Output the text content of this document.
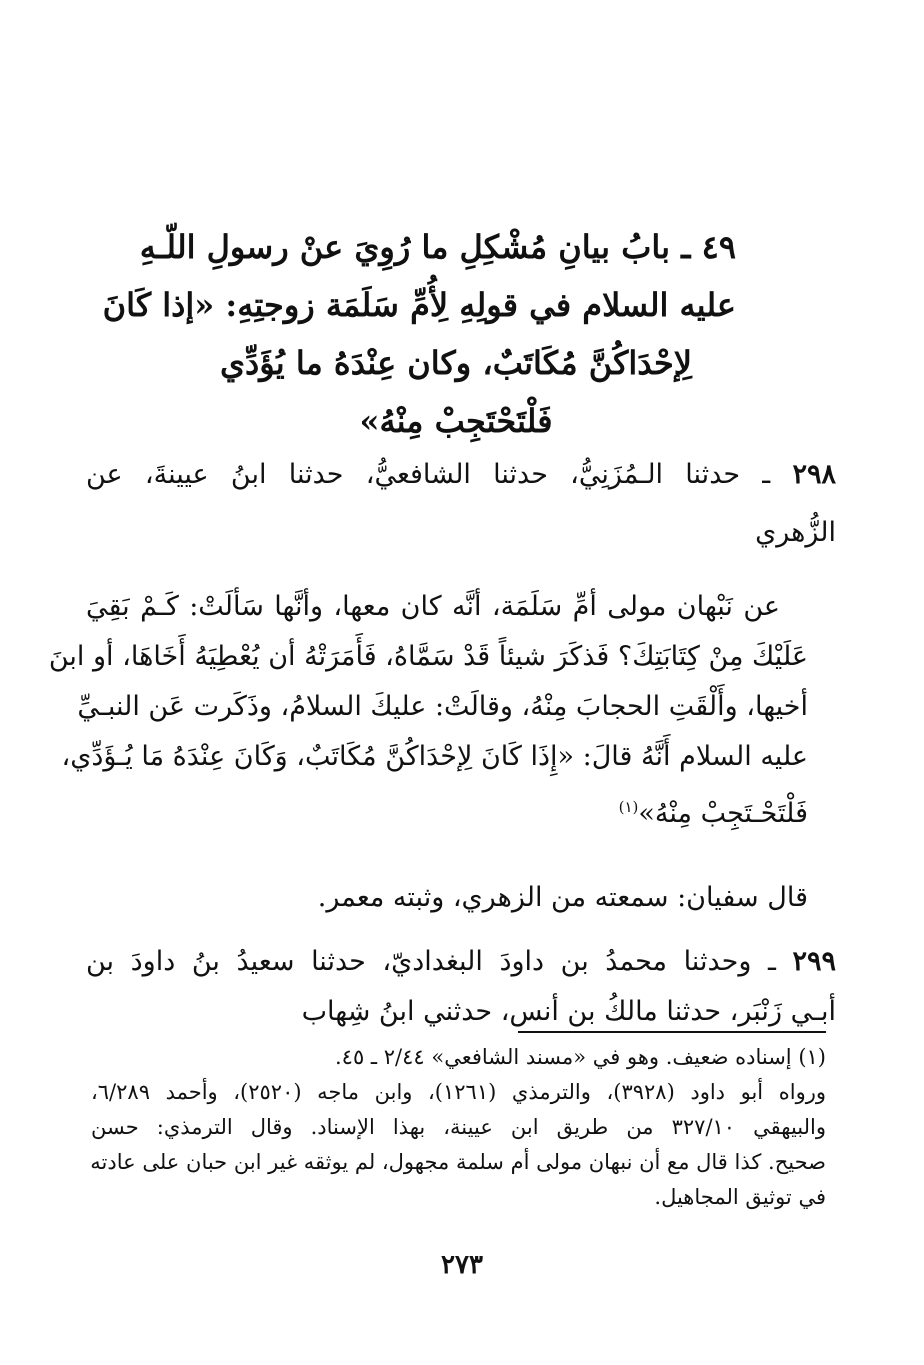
٤٩ ـ بابُ بيانِ مُشْكِلِ ما رُوِيَ عنْ رسولِ اللّـهِ
عليه السلام في قولِهِ لِأُمِّ سَلَمَة زوجتِهِ: «إذا كَانَ
لِإحْدَاكُنَّ مُكَاتَبٌ، وكان عِنْدَهُ ما يُؤَدِّي
فَلْتَحْتَجِبْ مِنْهُ»
٢٩٨ ـ حدثنا الـمُزَنِيُّ، حدثنا الشافعيُّ، حدثنا ابنُ عيينةَ، عن
الزُّهري
عن نَبْهان مولى أمِّ سَلَمَة، أنَّه كان معها، وأنَّها سَألَتْ: كَـمْ بَقِيَ
عَلَيْكَ مِنْ كِتَابَتِكَ؟ فَذكَرَ شيئاً قَدْ سَمَّاهُ، فَأَمَرَتْهُ أن يُعْطِيَهُ أَخَاهَا، أو ابنَ
أخيها، وأَلْقَتِ الحجابَ مِنْهُ، وقالَتْ: عليكَ السلامُ، وذَكَرت عَن النبـيِّ
عليه السلام أَنَّهُ قالَ: «إِذَا كَانَ لِإحْدَاكُنَّ مُكَاتَبٌ، وَكَانَ عِنْدَهُ مَا يُـؤَدِّي،
فَلْتَحْـتَجِبْ مِنْهُ»$^{(١)}$
قال سفيان: سمعته من الزهري، وثبته معمر.
٢٩٩ ـ وحدثنا محمدُ بن داودَ البغداديّ، حدثنا سعيدُ بنُ داودَ بن
أبـي زَنْبَر، حدثنا مالكُ بن أنس، حدثني ابنُ شِهاب
(١) إسناده ضعيف. وهو في «مسند الشافعي» ٢/٤٤ ـ ٤٥.
ورواه أبو داود (٣٩٢٨)، والترمذي (١٢٦١)، وابن ماجه (٢٥٢٠)، وأحمد ٦/٢٨٩،
والبيهقي ٣٢٧/١٠ من طريق ابن عيينة، بهذا الإسناد. وقال الترمذي: حسن
صحيح. كذا قال مع أن نبهان مولى أم سلمة مجهول، لم يوثقه غير ابن حبان على عادته
في توثيق المجاهيل.
٢٧٣
